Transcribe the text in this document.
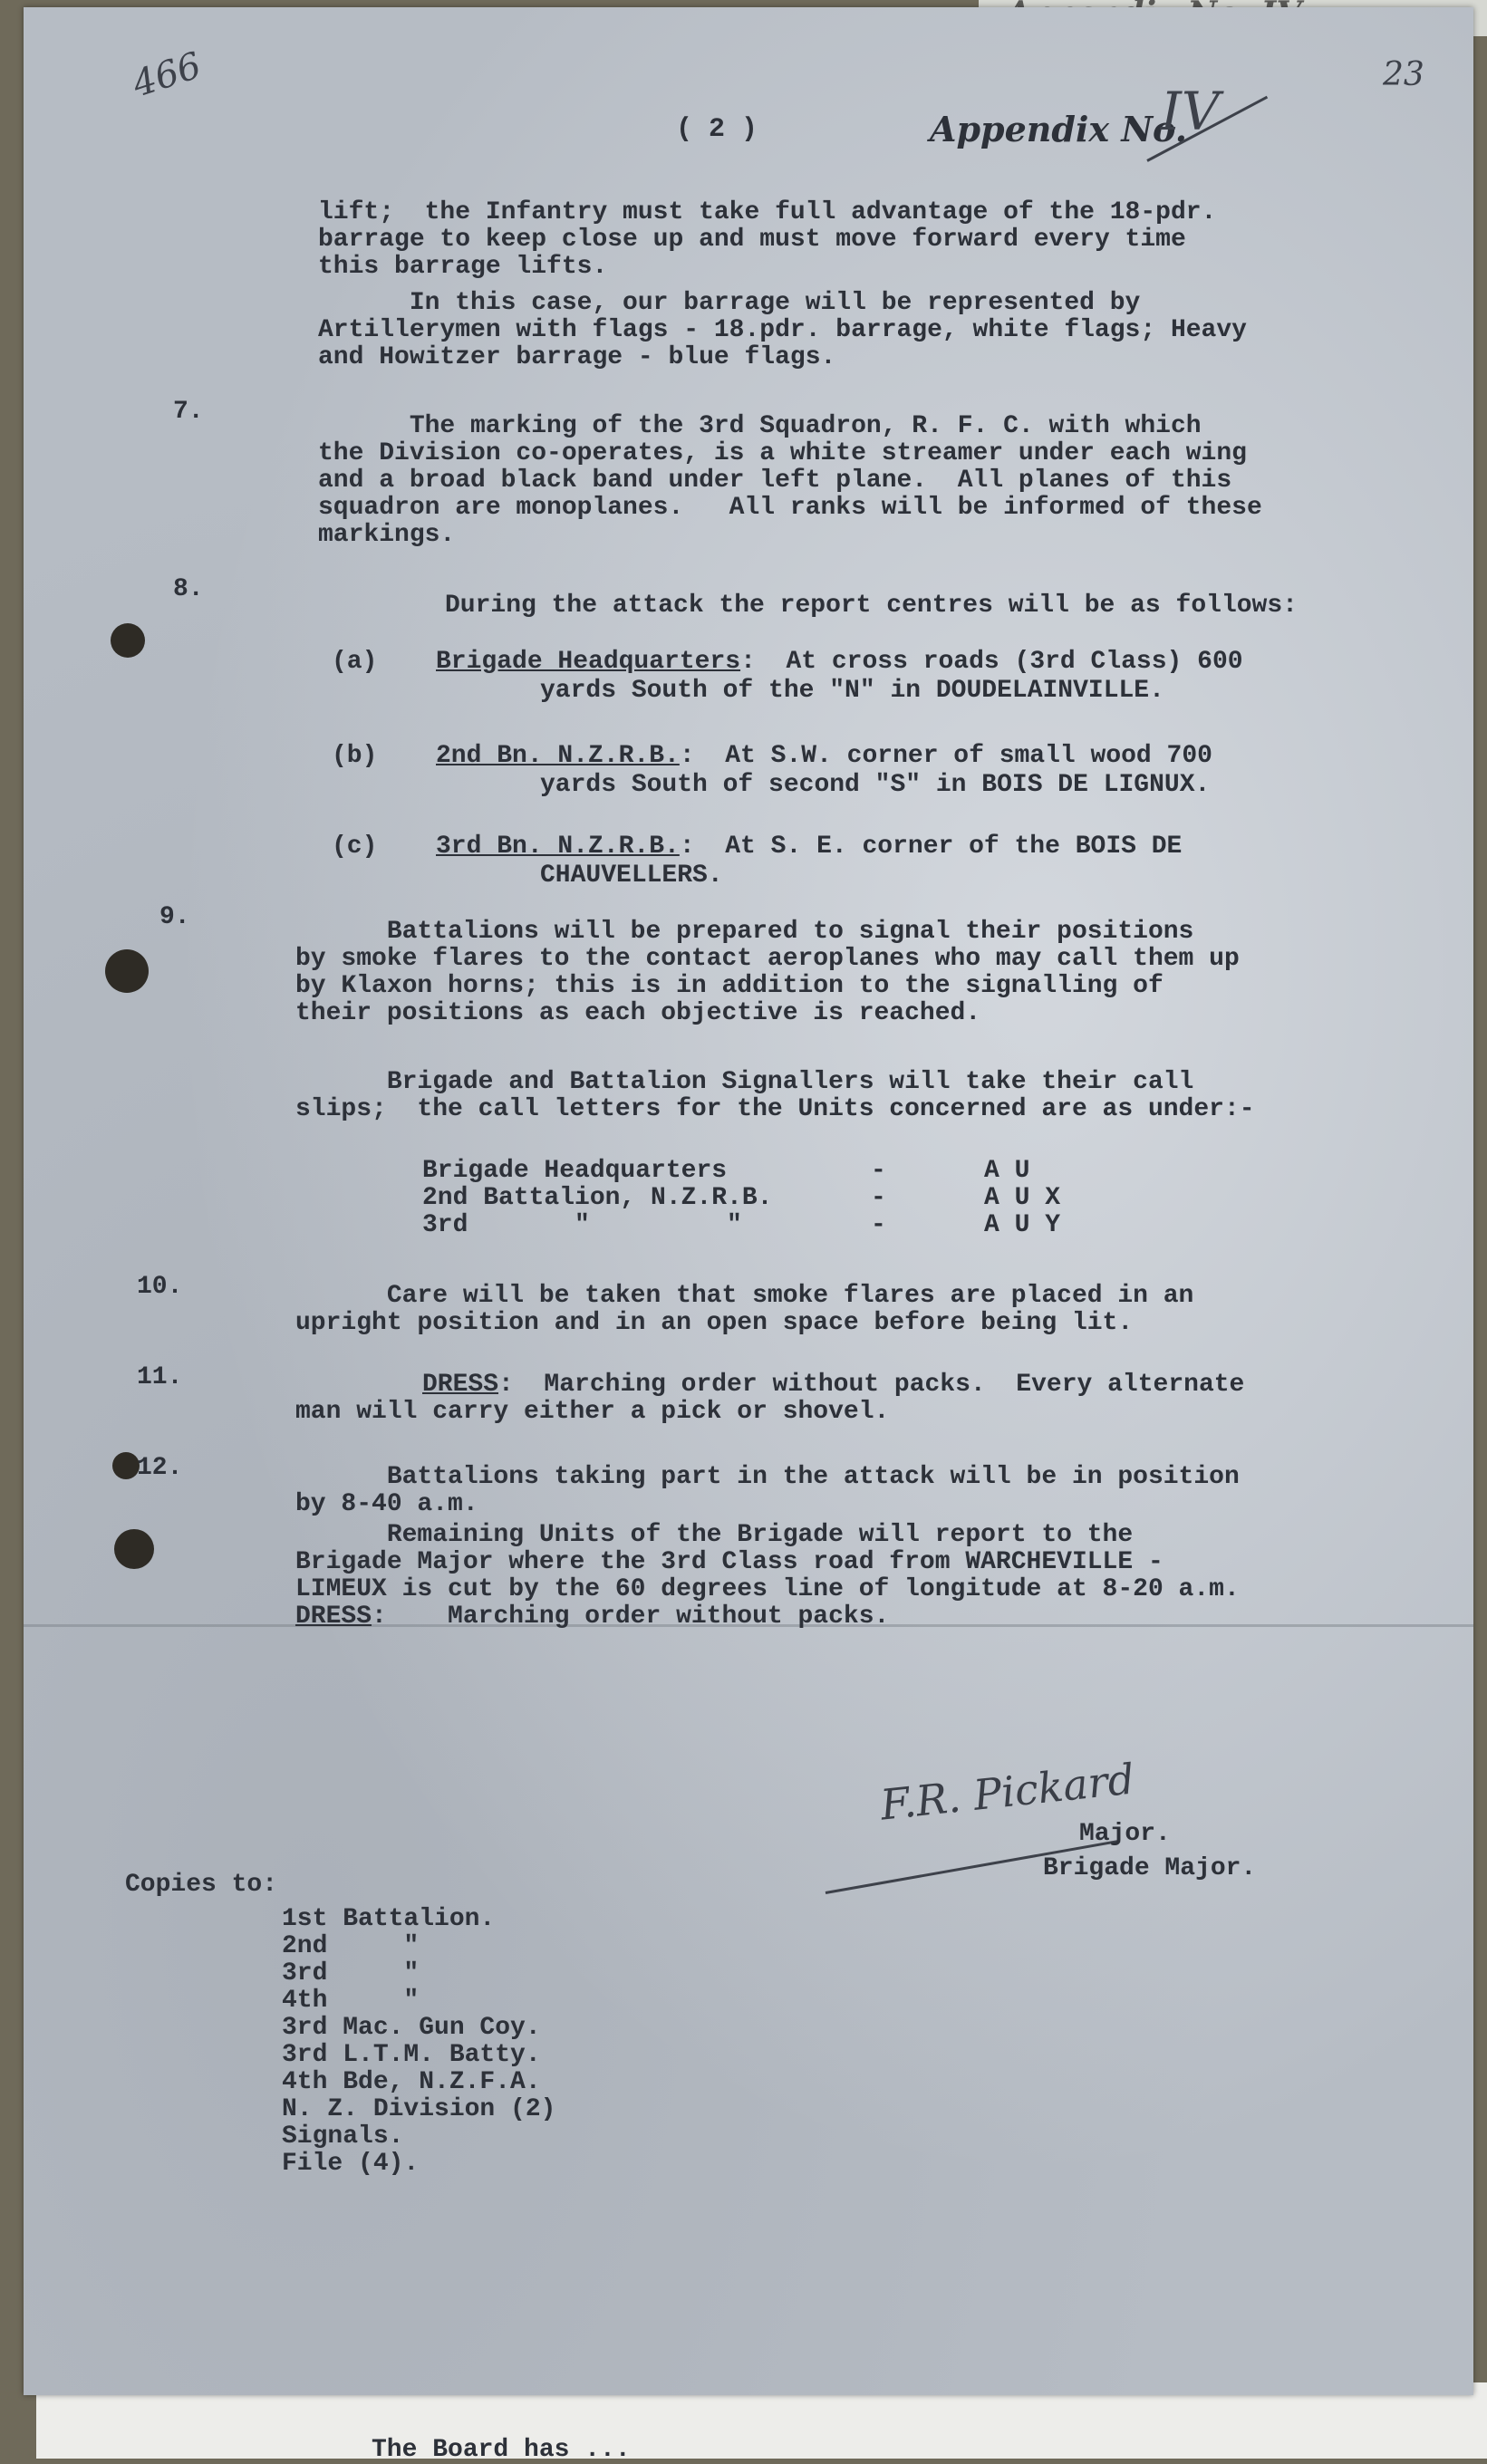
The Board has ...
466	23
( 2 )	Appendix No.
IV
lift;  the Infantry must take full advantage of the 18-pdr.
barrage to keep close up and must move forward every time
this barrage lifts.
In this case, our barrage will be represented by
Artillerymen with flags - 18.pdr. barrage, white flags; Heavy
and Howitzer barrage - blue flags.
7.
The marking of the 3rd Squadron, R. F. C. with which
the Division co-operates, is a white streamer under each wing
and a broad black band under left plane.  All planes of this
squadron are monoplanes.   All ranks will be informed of these
markings.
8.
During the attack the report centres will be as follows:
(a) Brigade Headquarters:  At cross roads (3rd Class) 600
yards South of the "N" in DOUDELAINVILLE.
(b) 2nd Bn. N.Z.R.B.:  At S.W. corner of small wood 700
yards South of second "S" in BOIS DE LIGNUX.
(c) 3rd Bn. N.Z.R.B.:  At S. E. corner of the BOIS DE
CHAUVELLERS.
9.
Battalions will be prepared to signal their positions
by smoke flares to the contact aeroplanes who may call them up
by Klaxon horns; this is in addition to the signalling of
their positions as each objective is reached.
Brigade and Battalion Signallers will take their call
slips;  the call letters for the Units concerned are as under:-
Brigade Headquarters	-	A U
2nd Battalion, N.Z.R.B.	-	A U X
3rd       "         "	-	A U Y
10.	Care will be taken that smoke flares are placed in an
upright position and in an open space before being lit.
11.	DRESS:  Marching order without packs.  Every alternate
man will carry either a pick or shovel.
12.	Battalions taking part in the attack will be in position
by 8-40 a.m.
Remaining Units of the Brigade will report to the
Brigade Major where the 3rd Class road from WARCHEVILLE -
LIMEUX is cut by the 60 degrees line of longitude at 8-20 a.m.
DRESS:    Marching order without packs.
F.R. Pickard
Major.
Brigade Major.
Copies to:
1st Battalion.
2nd     "
3rd     "
4th     "
3rd Mac. Gun Coy.
3rd L.T.M. Batty.
4th Bde, N.Z.F.A.
N. Z. Division (2)
Signals.
File (4).
